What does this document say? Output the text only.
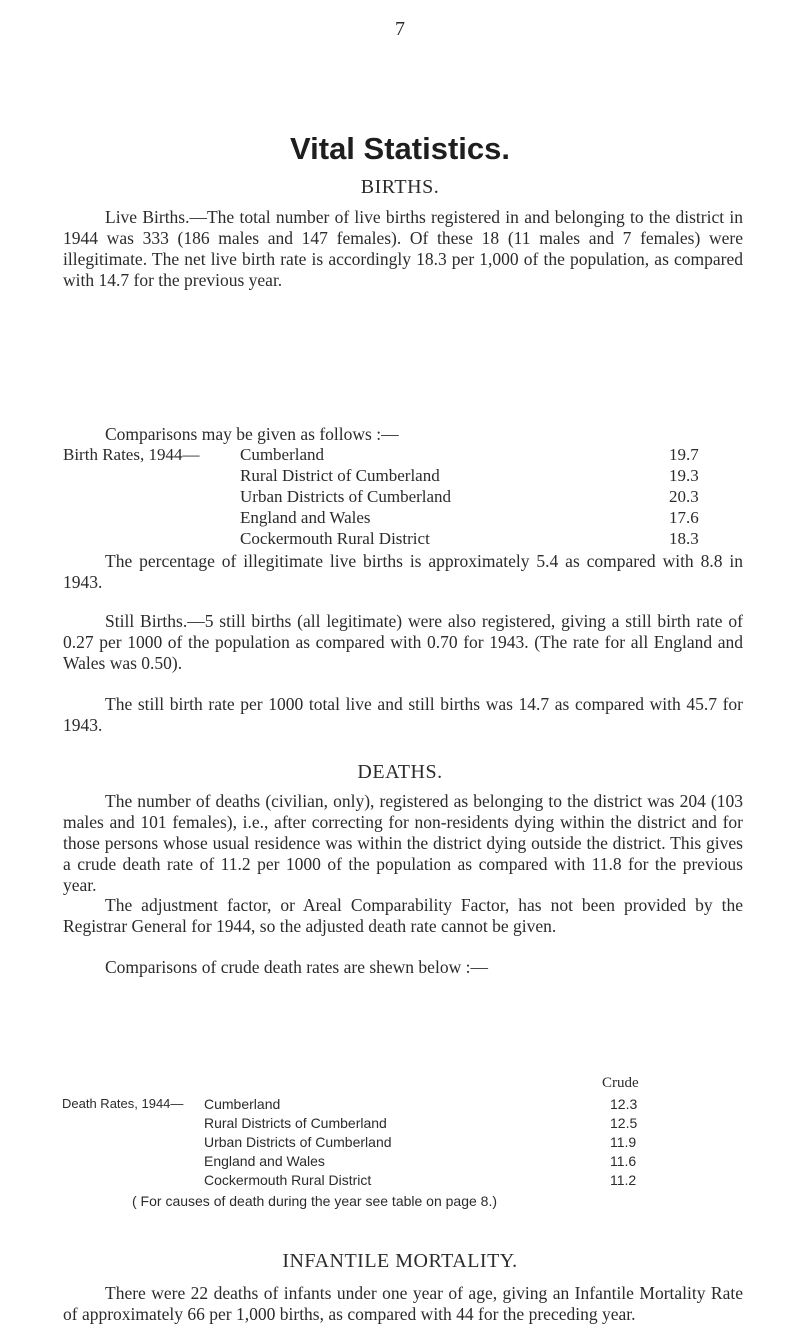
7
Vital Statistics.
BIRTHS.
Live Births.—The total number of live births registered in and belonging to the district in 1944 was 333 (186 males and 147 females). Of these 18 (11 males and 7 females) were illegitimate. The net live birth rate is accordingly 18.3 per 1,000 of the population, as compared with 14.7 for the previous year.
Comparisons may be given as follows :—
Birth Rates, 1944— Cumberland	19.7
Rural District of Cumberland	19.3
Urban Districts of Cumberland	20.3
England and Wales	17.6
Cockermouth Rural District	18.3
The percentage of illegitimate live births is approximately 5.4 as compared with 8.8 in 1943.
Still Births.—5 still births (all legitimate) were also registered, giving a still birth rate of 0.27 per 1000 of the population as compared with 0.70 for 1943. (The rate for all England and Wales was 0.50).
The still birth rate per 1000 total live and still births was 14.7 as compared with 45.7 for 1943.
DEATHS.
The number of deaths (civilian, only), registered as belonging to the district was 204 (103 males and 101 females), i.e., after correcting for non-residents dying within the district and for those persons whose usual residence was within the district dying outside the district. This gives a crude death rate of 11.2 per 1000 of the population as compared with 11.8 for the previous year.
The adjustment factor, or Areal Comparability Factor, has not been provided by the Registrar General for 1944, so the adjusted death rate cannot be given.
Comparisons of crude death rates are shewn below :—
Crude
Death Rates, 1944— Cumberland	12.3
Rural Districts of Cumberland	12.5
Urban Districts of Cumberland	11.9
England and Wales	11.6
Cockermouth Rural District	11.2
( For causes of death during the year see table on page 8.)
INFANTILE MORTALITY.
There were 22 deaths of infants under one year of age, giving an Infantile Mortality Rate of approximately 66 per 1,000 births, as compared with 44 for the preceding year.
